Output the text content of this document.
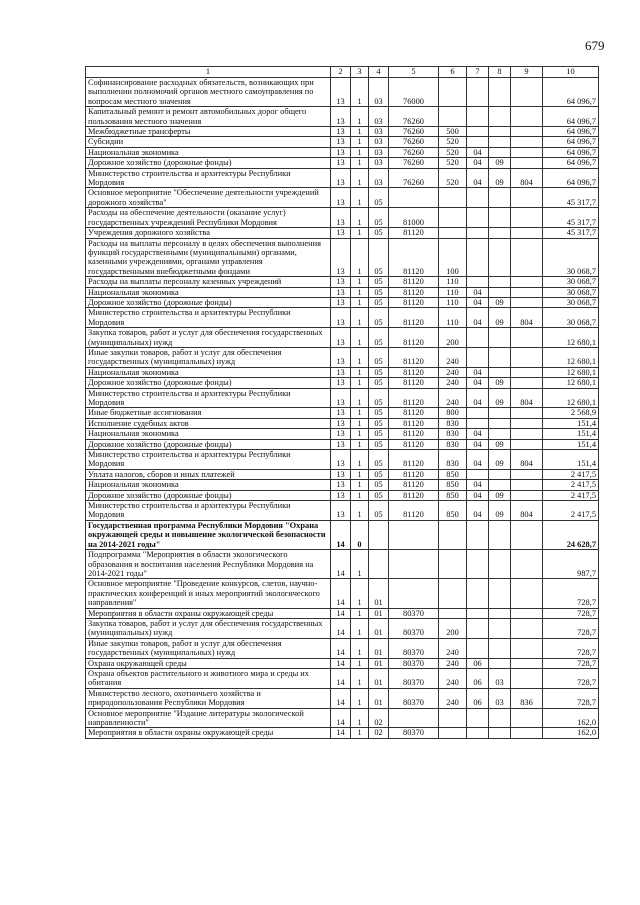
679
1	2	3	4	5	6	7	8	9	10
Софинансирование расходных обязательств, возникающих при выполнении полномочий органов местного самоуправления по вопросам местного значения	13	1	03	76000					64 096,7
Капитальный ремонт и ремонт автомобильных дорог общего пользования местного значения	13	1	03	76260					64 096,7
Межбюджетные трансферты	13	1	03	76260	500				64 096,7
Субсидии	13	1	03	76260	520				64 096,7
Национальная экономика	13	1	03	76260	520	04			64 096,7
Дорожное хозяйство (дорожные фонды)	13	1	03	76260	520	04	09		64 096,7
Министерство строительства и архитектуры Республики Мордовия	13	1	03	76260	520	04	09	804	64 096,7
Основное мероприятие "Обеспечение деятельности учреждений дорожного хозяйства"	13	1	05						45 317,7
Расходы на обеспечение деятельности (оказание услуг) государственных учреждений Республики Мордовия	13	1	05	81000					45 317,7
Учреждения дорожного хозяйства	13	1	05	81120					45 317,7
Расходы на выплаты персоналу в целях обеспечения выполнения функций государственными (муниципальными) органами, казенными учреждениями, органами управления государственными внебюджетными фондами	13	1	05	81120	100				30 068,7
Расходы на выплаты персоналу казенных учреждений	13	1	05	81120	110				30 068,7
Национальная экономика	13	1	05	81120	110	04			30 068,7
Дорожное хозяйство (дорожные фонды)	13	1	05	81120	110	04	09		30 068,7
Министерство строительства и архитектуры Республики Мордовия	13	1	05	81120	110	04	09	804	30 068,7
Закупка товаров, работ и услуг для обеспечения государственных (муниципальных) нужд	13	1	05	81120	200				12 680,1
Иные закупки товаров, работ и услуг для обеспечения государственных (муниципальных) нужд	13	1	05	81120	240				12 680,1
Национальная экономика	13	1	05	81120	240	04			12 680,1
Дорожное хозяйство (дорожные фонды)	13	1	05	81120	240	04	09		12 680,1
Министерство строительства и архитектуры Республики Мордовия	13	1	05	81120	240	04	09	804	12 680,1
Иные бюджетные ассигнования	13	1	05	81120	800				2 568,9
Исполнение судебных актов	13	1	05	81120	830				151,4
Национальная экономика	13	1	05	81120	830	04			151,4
Дорожное хозяйство (дорожные фонды)	13	1	05	81120	830	04	09		151,4
Министерство строительства и архитектуры Республики Мордовия	13	1	05	81120	830	04	09	804	151,4
Уплата налогов, сборов и иных платежей	13	1	05	81120	850				2 417,5
Национальная экономика	13	1	05	81120	850	04			2 417,5
Дорожное хозяйство (дорожные фонды)	13	1	05	81120	850	04	09		2 417,5
Министерство строительства и архитектуры Республики Мордовия	13	1	05	81120	850	04	09	804	2 417,5
Государственная программа Республики Мордовия "Охрана окружающей среды и повышение экологической безопасности на 2014-2021 годы"	14	0							24 628,7
Подпрограмма "Мероприятия в области экологического образования и воспитания населения Республики Мордовия на 2014-2021 годы"	14	1							987,7
Основное мероприятие "Проведение конкурсов, слетов, научно-практических конференций и иных мероприятий экологического направления"	14	1	01						728,7
Мероприятия в области охраны окружающей среды	14	1	01	80370					728,7
Закупка товаров, работ и услуг для обеспечения государственных (муниципальных) нужд	14	1	01	80370	200				728,7
Иные закупки товаров, работ и услуг для обеспечения государственных (муниципальных) нужд	14	1	01	80370	240				728,7
Охрана окружающей среды	14	1	01	80370	240	06			728,7
Охрана объектов растительного и животного мира и среды их обитания	14	1	01	80370	240	06	03		728,7
Министерство лесного, охотничьего хозяйства и природопользования Республики Мордовия	14	1	01	80370	240	06	03	836	728,7
Основное мероприятие "Издание литературы экологической направленности"	14	1	02						162,0
Мероприятия в области охраны окружающей среды	14	1	02	80370					162,0
